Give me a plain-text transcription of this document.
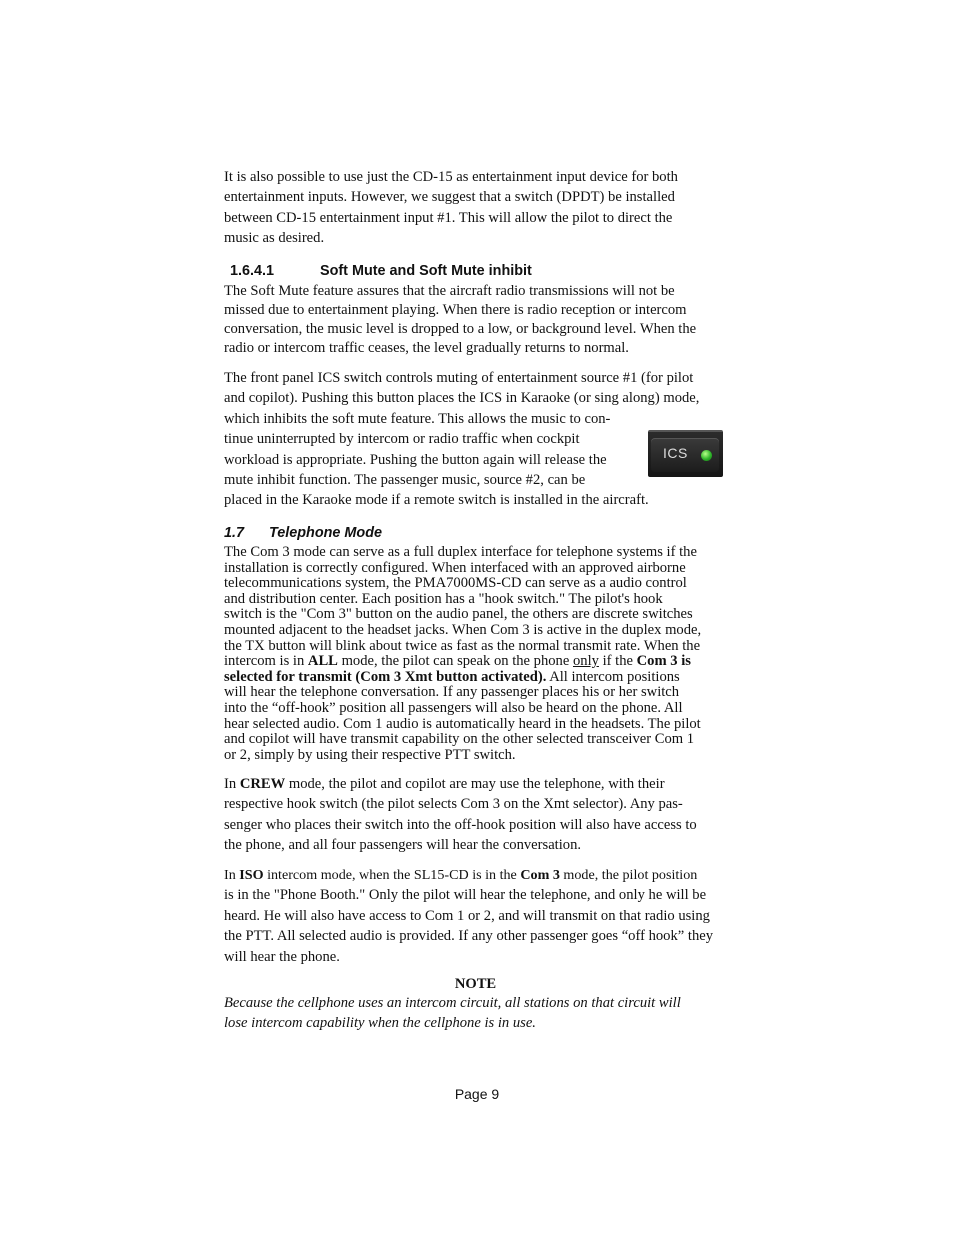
It is also possible to use just the CD-15 as entertainment input device for both
entertainment inputs. However, we suggest that a switch (DPDT) be installed
between CD-15 entertainment input #1. This will allow the pilot to direct the
music as desired.
1.6.4.1	Soft Mute and Soft Mute inhibit
The Soft Mute feature assures that the aircraft radio transmissions will not be
missed due to entertainment playing. When there is radio reception or intercom
conversation, the music level is dropped to a low, or background level. When the
radio or intercom traffic ceases, the level gradually returns to normal.
The front panel ICS switch controls muting of entertainment source #1 (for pilot
and copilot). Pushing this button places the ICS in Karaoke (or sing along) mode,
which inhibits the soft mute feature. This allows the music to con-
tinue uninterrupted by intercom or radio traffic when cockpit
workload is appropriate. Pushing the button again will release the
mute inhibit function. The passenger music, source #2, can be
placed in the Karaoke mode if a remote switch is installed in the aircraft.
ICS
1.7 Telephone Mode
The Com 3 mode can serve as a full duplex interface for telephone systems if the
installation is correctly configured. When interfaced with an approved airborne
telecommunications system, the PMA7000MS-CD can serve as a audio control
and distribution center. Each position has a "hook switch." The pilot's hook
switch is the "Com 3" button on the audio panel, the others are discrete switches
mounted adjacent to the headset jacks. When Com 3 is active in the duplex mode,
the TX button will blink about twice as fast as the normal transmit rate. When the
intercom is in ALL mode, the pilot can speak on the phone only if the Com 3 is
selected for transmit (Com 3 Xmt button activated). All intercom positions
will hear the telephone conversation. If any passenger places his or her switch
into the “off-hook” position all passengers will also be heard on the phone. All
hear selected audio. Com 1 audio is automatically heard in the headsets. The pilot
and copilot will have transmit capability on the other selected transceiver Com 1
or 2, simply by using their respective PTT switch.
In CREW mode, the pilot and copilot are may use the telephone, with their
respective hook switch (the pilot selects Com 3 on the Xmt selector). Any pas-
senger who places their switch into the off-hook position will also have access to
the phone, and all four passengers will hear the conversation.
In ISO intercom mode, when the SL15-CD is in the Com 3 mode, the pilot position
is in the "Phone Booth." Only the pilot will hear the telephone, and only he will be
heard. He will also have access to Com 1 or 2, and will transmit on that radio using
the PTT. All selected audio is provided. If any other passenger goes “off hook” they
will hear the phone.
NOTE
Because the cellphone uses an intercom circuit, all stations on that circuit will
lose intercom capability when the cellphone is in use.
Page 9
